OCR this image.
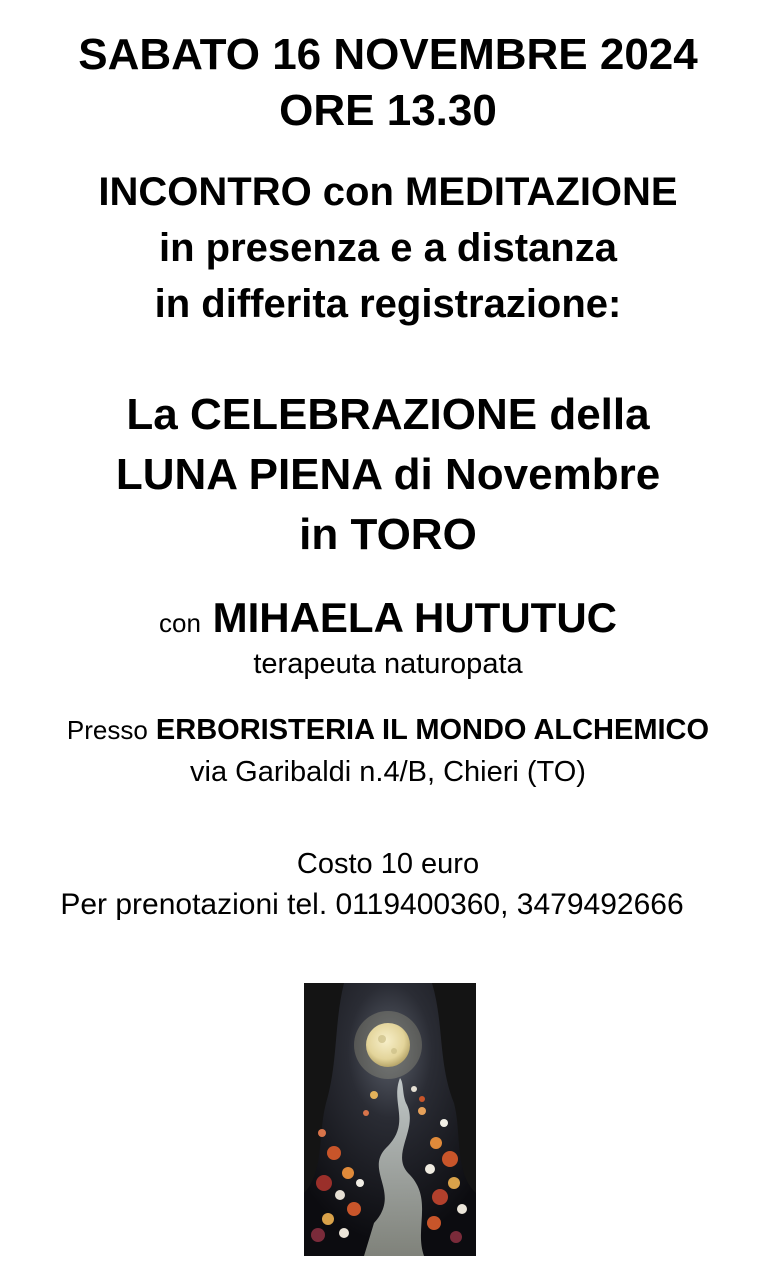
SABATO 16 NOVEMBRE 2024
ORE 13.30
INCONTRO con MEDITAZIONE
in presenza e a distanza
in differita registrazione:
La CELEBRAZIONE della
LUNA PIENA di Novembre
in TORO
con MIHAELA HUTUTUC
terapeuta naturopata
Presso ERBORISTERIA IL MONDO ALCHEMICO
via Garibaldi n.4/B, Chieri (TO)
Costo 10 euro
Per prenotazioni tel. 0119400360, 3479492666
